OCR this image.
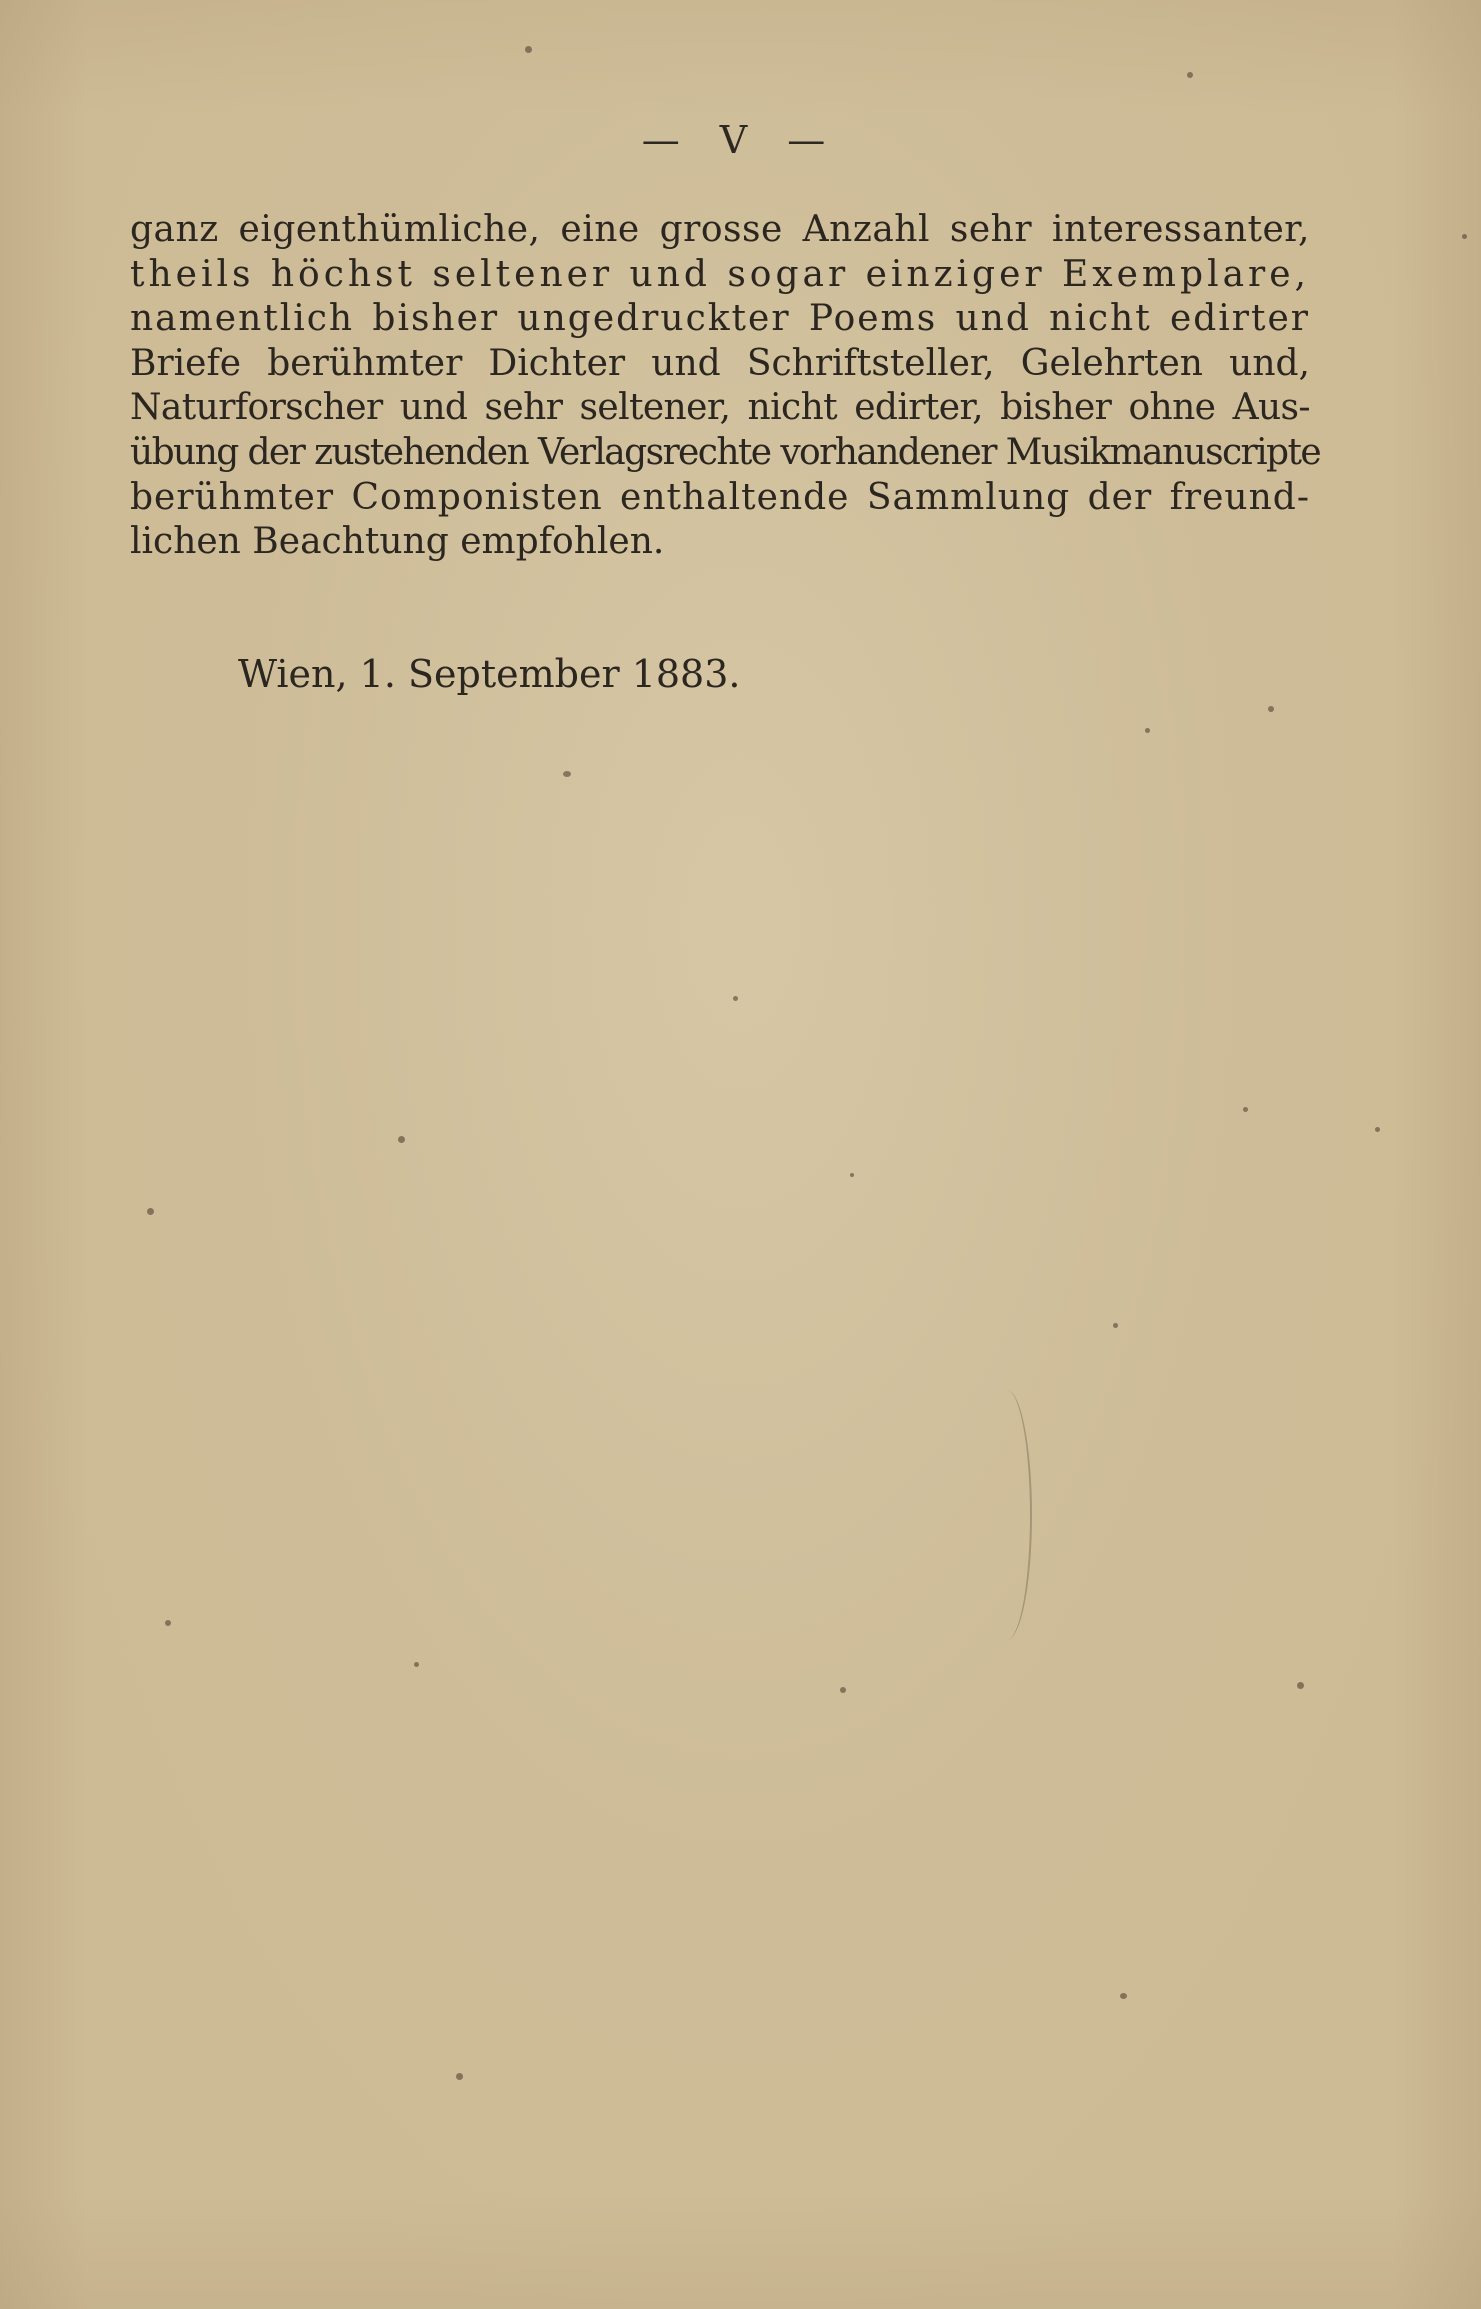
— V —
ganz eigenthümliche, eine grosse Anzahl sehr interessanter,
theils höchst seltener und sogar einziger Exemplare,
namentlich bisher ungedruckter Poems und nicht edirter
Briefe berühmter Dichter und Schriftsteller, Gelehrten und,
Naturforscher und sehr seltener, nicht edirter, bisher ohne Aus-
übung der zustehenden Verlagsrechte vorhandener Musikmanuscripte
berühmter Componisten enthaltende Sammlung der freund-
lichen Beachtung empfohlen.
Wien, 1. September 1883.
